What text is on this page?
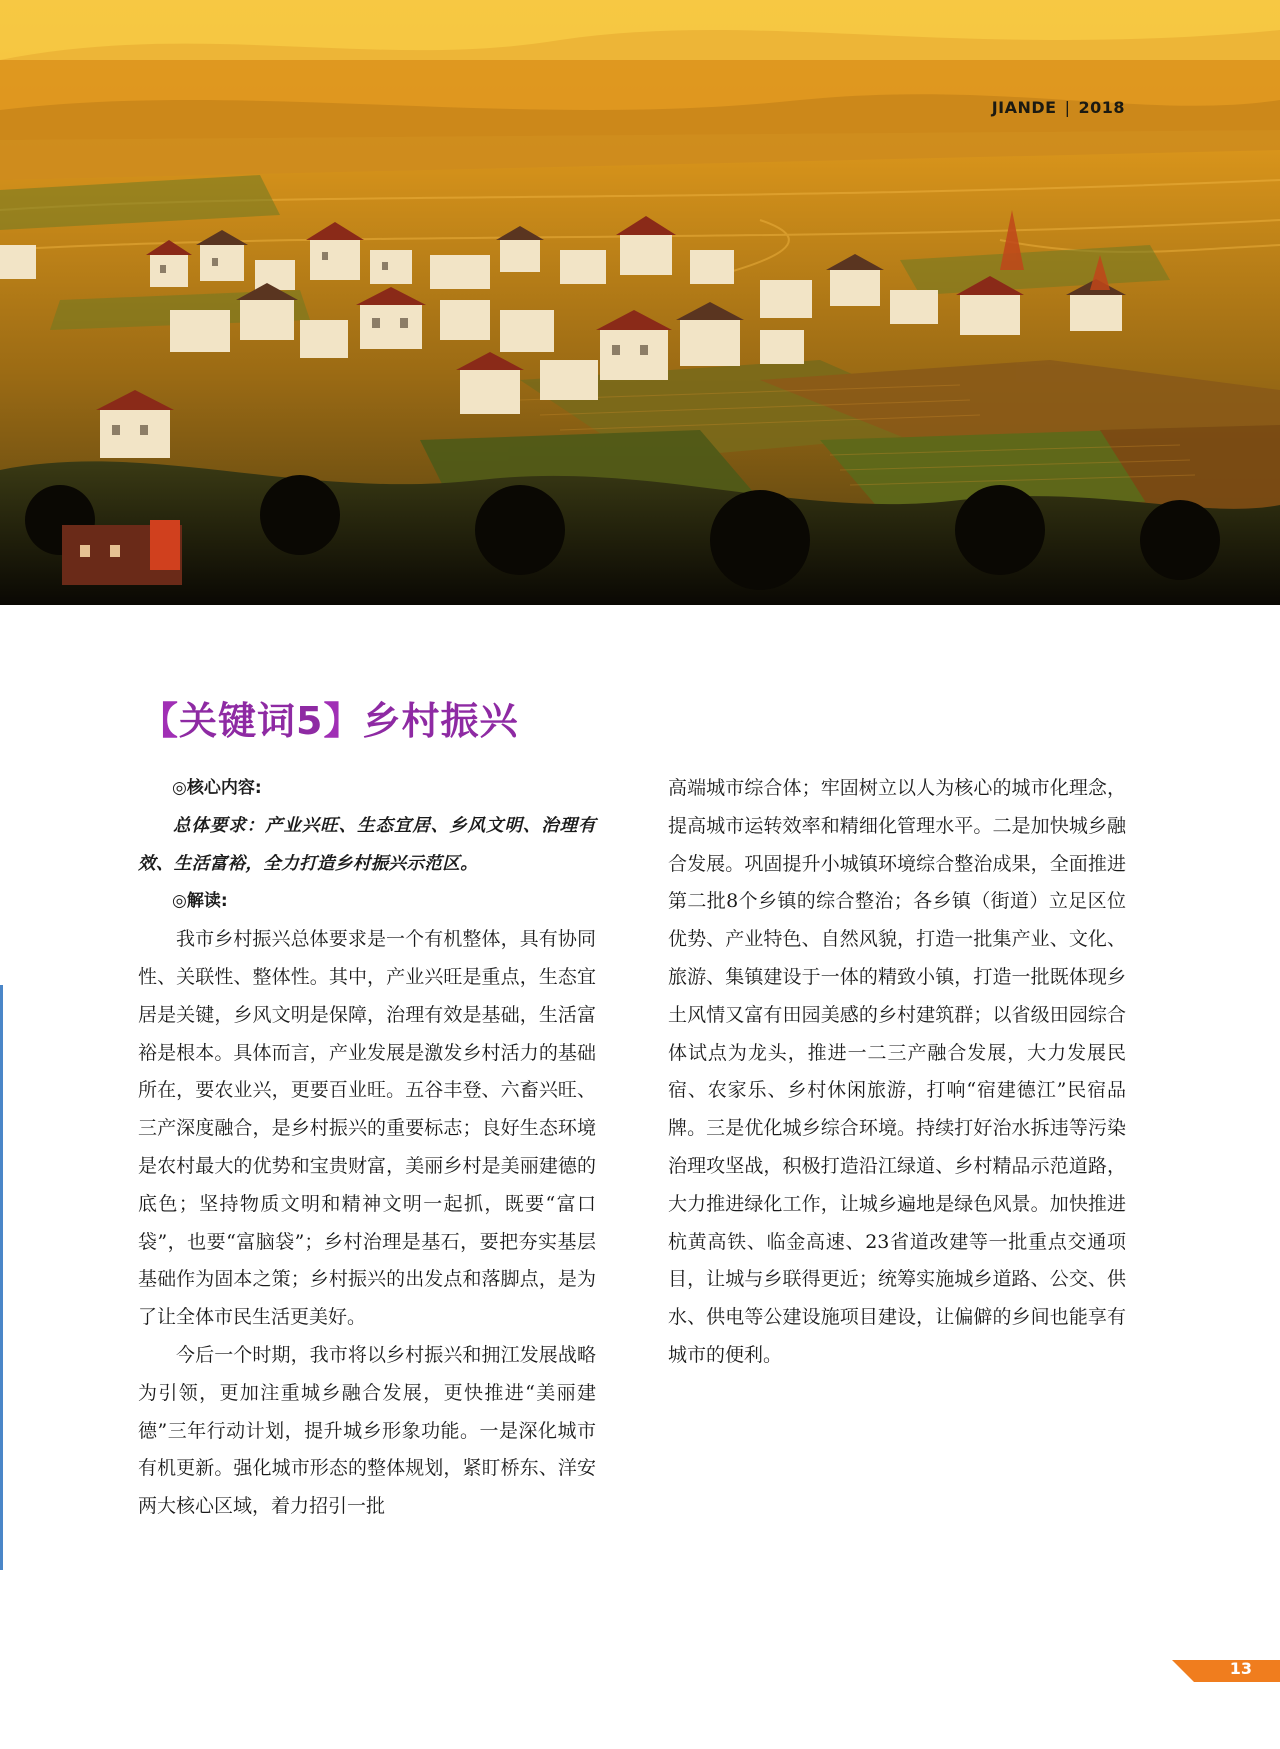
JIANDE | 2018
【关键词5】乡村振兴

◎核心内容:

总体要求：产业兴旺、生态宜居、乡风文明、治理有效、生活富裕，全力打造乡村振兴示范区。

◎解读:

我市乡村振兴总体要求是一个有机整体，具有协同性、关联性、整体性。其中，产业兴旺是重点，生态宜居是关键，乡风文明是保障，治理有效是基础，生活富裕是根本。具体而言，产业发展是激发乡村活力的基础所在，要农业兴，更要百业旺。五谷丰登、六畜兴旺、三产深度融合，是乡村振兴的重要标志；良好生态环境是农村最大的优势和宝贵财富，美丽乡村是美丽建德的底色；坚持物质文明和精神文明一起抓，既要“富口袋”，也要“富脑袋”；乡村治理是基石，要把夯实基层基础作为固本之策；乡村振兴的出发点和落脚点，是为了让全体市民生活更美好。

今后一个时期，我市将以乡村振兴和拥江发展战略为引领，更加注重城乡融合发展，更快推进“美丽建德”三年行动计划，提升城乡形象功能。一是深化城市有机更新。强化城市形态的整体规划，紧盯桥东、洋安两大核心区域，着力招引一批

高端城市综合体；牢固树立以人为核心的城市化理念，提高城市运转效率和精细化管理水平。二是加快城乡融合发展。巩固提升小城镇环境综合整治成果，全面推进第二批8个乡镇的综合整治；各乡镇（街道）立足区位优势、产业特色、自然风貌，打造一批集产业、文化、旅游、集镇建设于一体的精致小镇，打造一批既体现乡土风情又富有田园美感的乡村建筑群；以省级田园综合体试点为龙头，推进一二三产融合发展，大力发展民宿、农家乐、乡村休闲旅游，打响“宿建德江”民宿品牌。三是优化城乡综合环境。持续打好治水拆违等污染治理攻坚战，积极打造沿江绿道、乡村精品示范道路，大力推进绿化工作，让城乡遍地是绿色风景。加快推进杭黄高铁、临金高速、23省道改建等一批重点交通项目，让城与乡联得更近；统筹实施城乡道路、公交、供水、供电等公建设施项目建设，让偏僻的乡间也能享有城市的便利。

13
